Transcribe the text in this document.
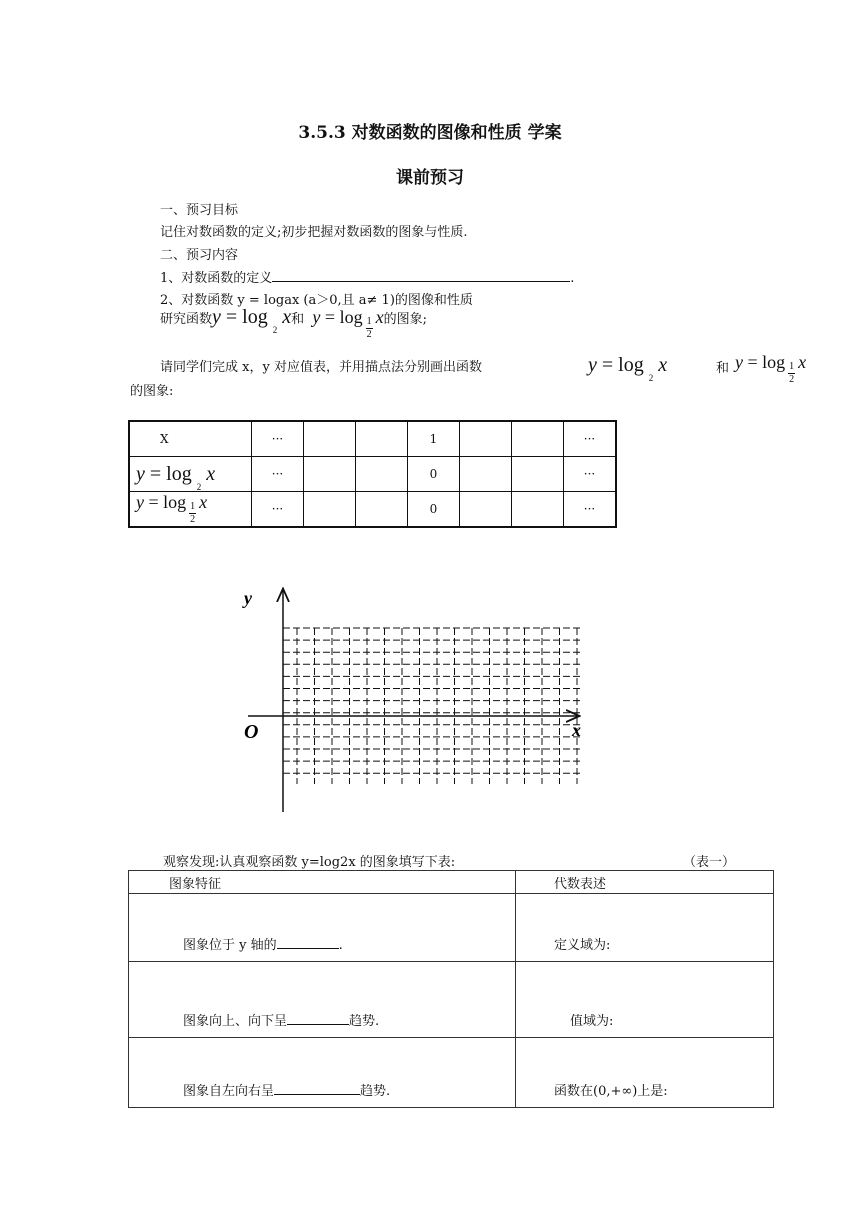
3.5.3 对数函数的图像和性质 学案
课前预习
一、预习目标
记住对数函数的定义;初步把握对数函数的图象与性质.
二、预习内容
1、对数函数的定义	.
2、对数函数 y = logax (a＞0,且 a≠ 1)的图像和性质
研究函数y = log $_2$ x和 $y = \log \frac{1}{2}$ x的图象;
请同学们完成 x，y 对应值表，并用描点法分别画出函数	y = log $_2$ x	和 $y = \log \frac{1}{2}$ x
的图象:
X	···			1			···
y = log $_2$ x	···			0			···
$y = \log \frac{1}{2}$ x	···			0			···
y
x
O
观察发现:认真观察函数 y=log2x 的图象填写下表:	（表一）
图象特征	代数表述

图象位于 y 轴的 .	定义域为:

图象向上、向下呈 趋势.	值域为:

图象自左向右呈 趋势.	函数在(0,+∞)上是:
